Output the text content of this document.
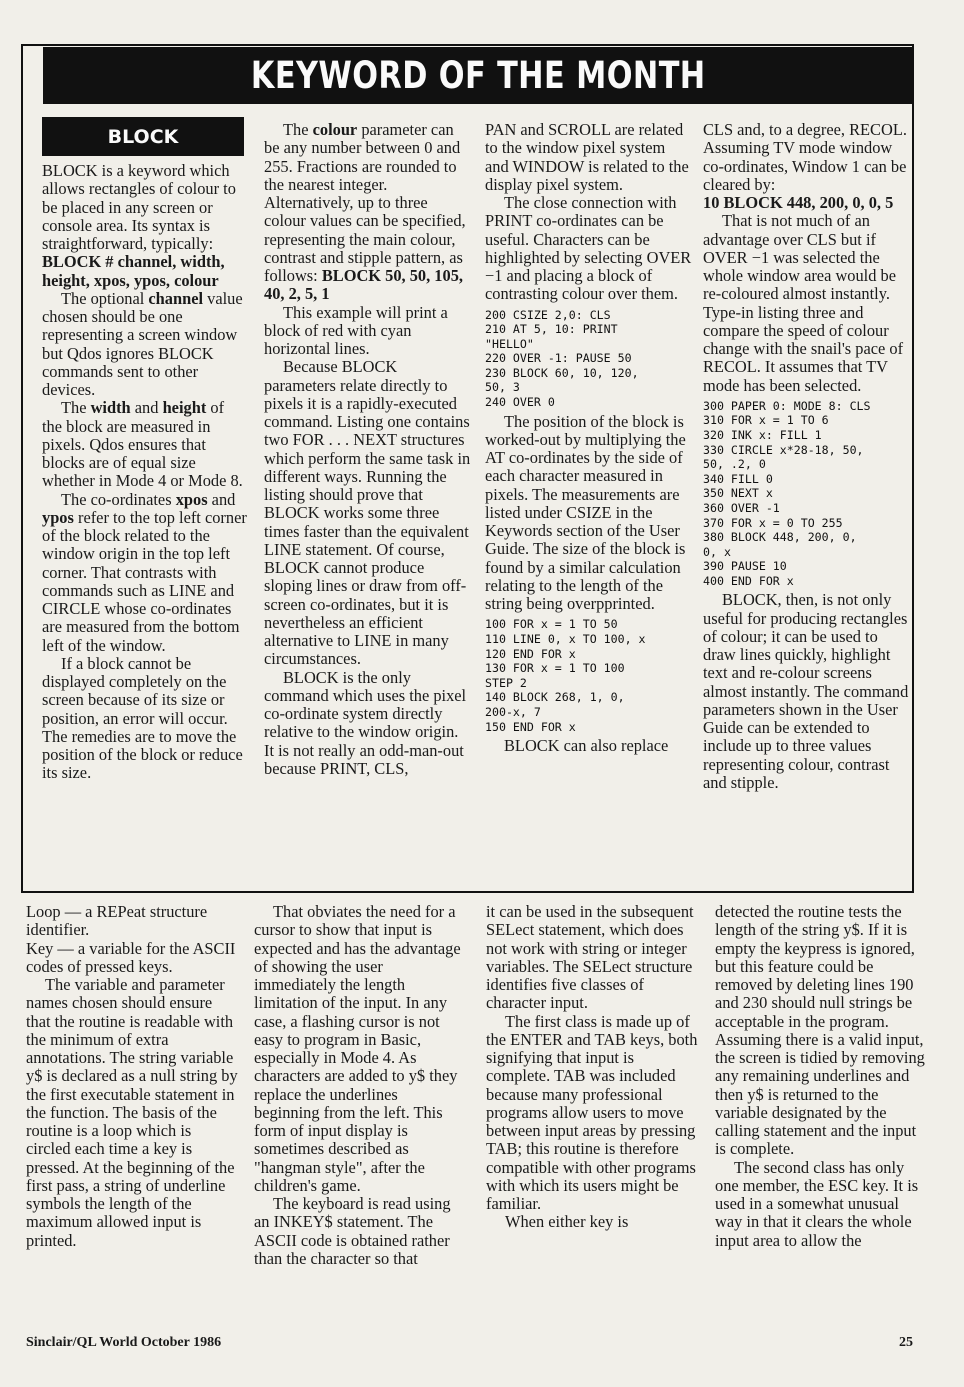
KEYWORD OF THE MONTH
BLOCK

BLOCK is a keyword which allows rectangles of colour to be placed in any screen or console area. Its syntax is straightforward, typically: BLOCK # channel, width, height, xpos, ypos, colour

The optional channel value chosen should be one representing a screen window but Qdos ignores BLOCK commands sent to other devices.

The width and height of the block are measured in pixels. Qdos ensures that blocks are of equal size whether in Mode 4 or Mode 8.

The co-ordinates xpos and ypos refer to the top left corner of the block related to the window origin in the top left corner. That contrasts with commands such as LINE and CIRCLE whose co-ordinates are measured from the bottom left of the window.

If a block cannot be displayed completely on the screen because of its size or position, an error will occur. The remedies are to move the position of the block or reduce its size.

The colour parameter can be any number between 0 and 255. Fractions are rounded to the nearest integer. Alternatively, up to three colour values can be specified, representing the main colour, contrast and stipple pattern, as follows: BLOCK 50, 50, 105, 40, 2, 5, 1

This example will print a block of red with cyan horizontal lines.

Because BLOCK parameters relate directly to pixels it is a rapidly-executed command. Listing one contains two FOR . . . NEXT structures which perform the same task in different ways. Running the listing should prove that BLOCK works some three times faster than the equivalent LINE statement. Of course, BLOCK cannot produce sloping lines or draw from off-screen co-ordinates, but it is nevertheless an efficient alternative to LINE in many circumstances.

BLOCK is the only command which uses the pixel co-ordinate system directly relative to the window origin. It is not really an odd-man-out because PRINT, CLS,

PAN and SCROLL are related to the window pixel system and WINDOW is related to the display pixel system.

The close connection with PRINT co-ordinates can be useful. Characters can be highlighted by selecting OVER −1 and placing a block of contrasting colour over them.

200 CSIZE 2,0: CLS
210 AT 5, 10: PRINT
"HELLO"
220 OVER -1: PAUSE 50
230 BLOCK 60, 10, 120,
50, 3
240 OVER 0

The position of the block is worked-out by multiplying the AT co-ordinates by the side of each character measured in pixels. The measurements are listed under CSIZE in the Keywords section of the User Guide. The size of the block is found by a similar calculation relating to the length of the string being overpprinted.

100 FOR x = 1 TO 50
110 LINE 0, x TO 100, x
120 END FOR x
130 FOR x = 1 TO 100
STEP 2
140 BLOCK 268, 1, 0,
200-x, 7
150 END FOR x

BLOCK can also replace

CLS and, to a degree, RECOL. Assuming TV mode window co-ordinates, Window 1 can be cleared by:

10 BLOCK 448, 200, 0, 0, 5

That is not much of an advantage over CLS but if OVER −1 was selected the whole window area would be re-coloured almost instantly. Type-in listing three and compare the speed of colour change with the snail's pace of RECOL. It assumes that TV mode has been selected.

300 PAPER 0: MODE 8: CLS
310 FOR x = 1 TO 6
320 INK x: FILL 1
330 CIRCLE x*28-18, 50,
50, .2, 0
340 FILL 0
350 NEXT x
360 OVER -1
370 FOR x = 0 TO 255
380 BLOCK 448, 200, 0,
0, x
390 PAUSE 10
400 END FOR x

BLOCK, then, is not only useful for producing rectangles of colour; it can be used to draw lines quickly, highlight text and re-colour screens almost instantly. The command parameters shown in the User Guide can be extended to include up to three values representing colour, contrast and stipple.

Loop — a REPeat structure identifier.

Key — a variable for the ASCII codes of pressed keys.

The variable and parameter names chosen should ensure that the routine is readable with the minimum of extra annotations. The string variable y$ is declared as a null string by the first executable statement in the function. The basis of the routine is a loop which is circled each time a key is pressed. At the beginning of the first pass, a string of underline symbols the length of the maximum allowed input is printed.

That obviates the need for a cursor to show that input is expected and has the advantage of showing the user immediately the length limitation of the input. In any case, a flashing cursor is not easy to program in Basic, especially in Mode 4. As characters are added to y$ they replace the underlines beginning from the left. This form of input display is sometimes described as "hangman style", after the children's game.

The keyboard is read using an INKEY$ statement. The ASCII code is obtained rather than the character so that

it can be used in the subsequent SELect statement, which does not work with string or integer variables. The SELect structure identifies five classes of character input.

The first class is made up of the ENTER and TAB keys, both signifying that input is complete. TAB was included because many professional programs allow users to move between input areas by pressing TAB; this routine is therefore compatible with other programs with which its users might be familiar.

When either key is

detected the routine tests the length of the string y$. If it is empty the keypress is ignored, but this feature could be removed by deleting lines 190 and 230 should null strings be acceptable in the program. Assuming there is a valid input, the screen is tidied by removing any remaining underlines and then y$ is returned to the variable designated by the calling statement and the input is complete.

The second class has only one member, the ESC key. It is used in a somewhat unusual way in that it clears the whole input area to allow the

Sinclair/QL World October 1986	25
